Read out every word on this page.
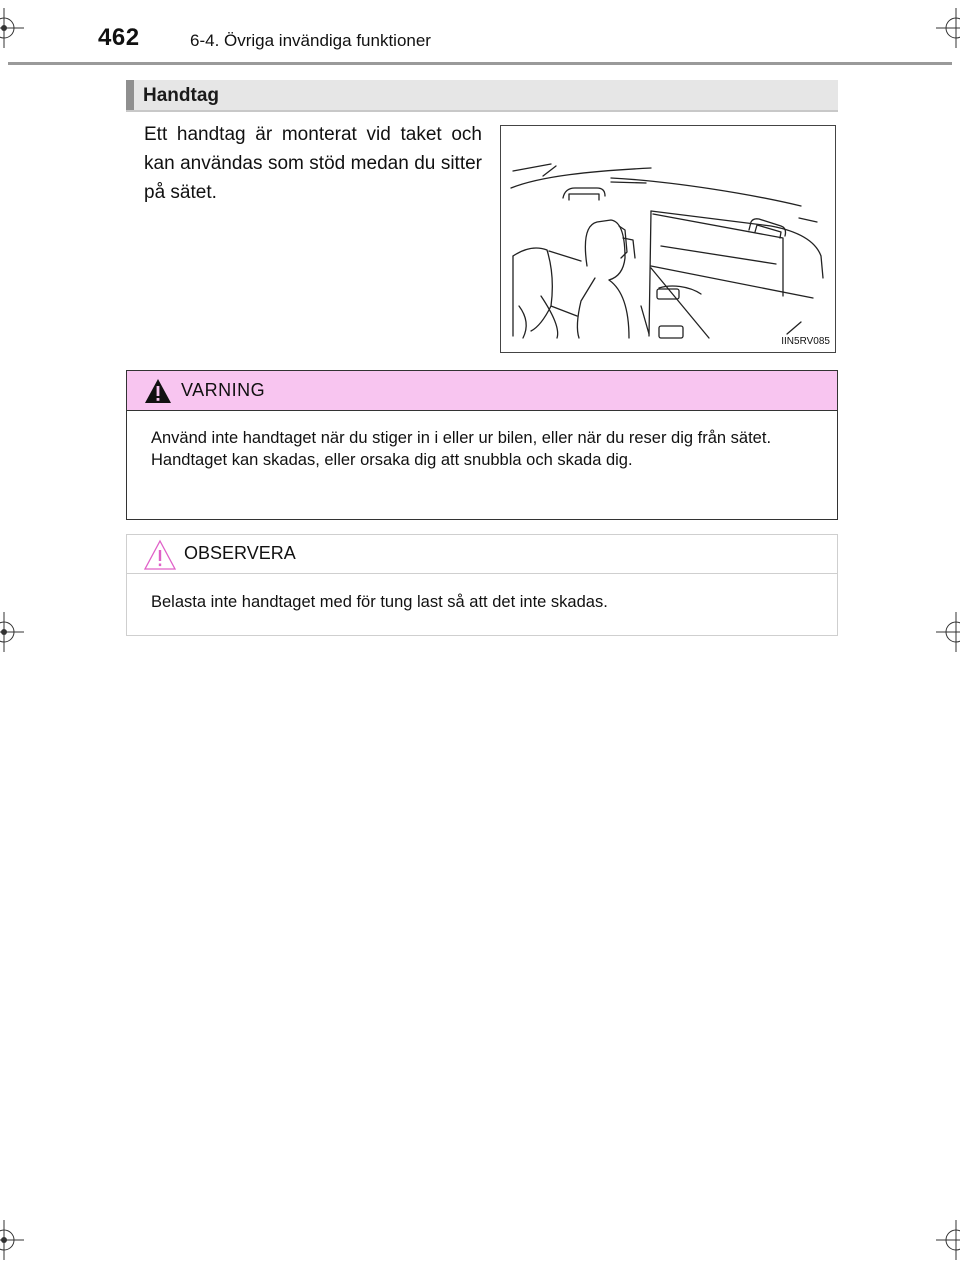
462	6-4. Övriga invändiga funktioner
Handtag
Ett handtag är monterat vid taket och kan användas som stöd medan du sitter på sätet.
IIN5RV085
VARNING

Använd inte handtaget när du stiger in i eller ur bilen, eller när du reser dig från sätet.

Handtaget kan skadas, eller orsaka dig att snubbla och skada dig.

OBSERVERA
Belasta inte handtaget med för tung last så att det inte skadas.
